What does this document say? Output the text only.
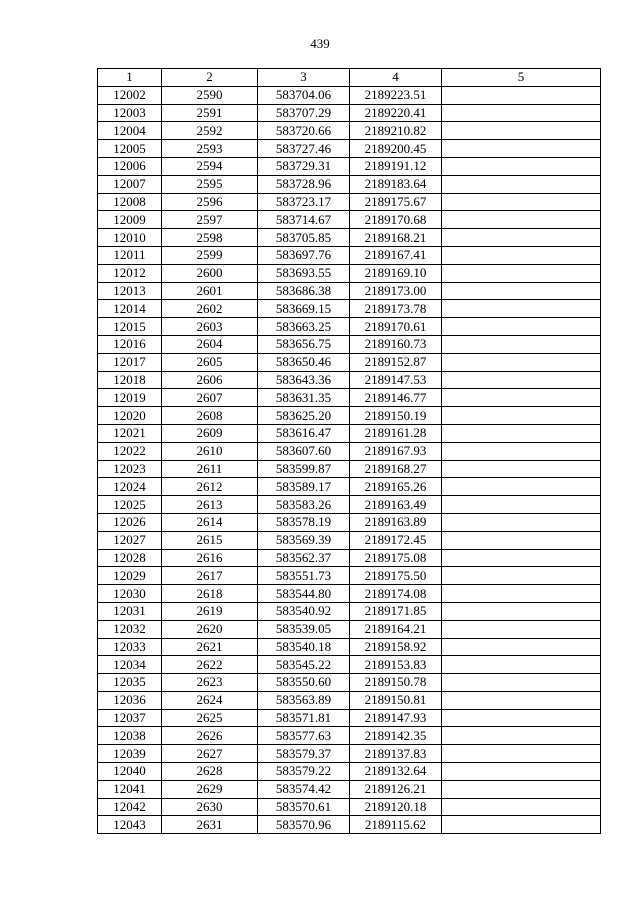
439
1	2	3	4	5
12002	2590	583704.06	2189223.51	
12003	2591	583707.29	2189220.41	
12004	2592	583720.66	2189210.82	
12005	2593	583727.46	2189200.45	
12006	2594	583729.31	2189191.12	
12007	2595	583728.96	2189183.64	
12008	2596	583723.17	2189175.67	
12009	2597	583714.67	2189170.68	
12010	2598	583705.85	2189168.21	
12011	2599	583697.76	2189167.41	
12012	2600	583693.55	2189169.10	
12013	2601	583686.38	2189173.00	
12014	2602	583669.15	2189173.78	
12015	2603	583663.25	2189170.61	
12016	2604	583656.75	2189160.73	
12017	2605	583650.46	2189152.87	
12018	2606	583643.36	2189147.53	
12019	2607	583631.35	2189146.77	
12020	2608	583625.20	2189150.19	
12021	2609	583616.47	2189161.28	
12022	2610	583607.60	2189167.93	
12023	2611	583599.87	2189168.27	
12024	2612	583589.17	2189165.26	
12025	2613	583583.26	2189163.49	
12026	2614	583578.19	2189163.89	
12027	2615	583569.39	2189172.45	
12028	2616	583562.37	2189175.08	
12029	2617	583551.73	2189175.50	
12030	2618	583544.80	2189174.08	
12031	2619	583540.92	2189171.85	
12032	2620	583539.05	2189164.21	
12033	2621	583540.18	2189158.92	
12034	2622	583545.22	2189153.83	
12035	2623	583550.60	2189150.78	
12036	2624	583563.89	2189150.81	
12037	2625	583571.81	2189147.93	
12038	2626	583577.63	2189142.35	
12039	2627	583579.37	2189137.83	
12040	2628	583579.22	2189132.64	
12041	2629	583574.42	2189126.21	
12042	2630	583570.61	2189120.18	
12043	2631	583570.96	2189115.62	
